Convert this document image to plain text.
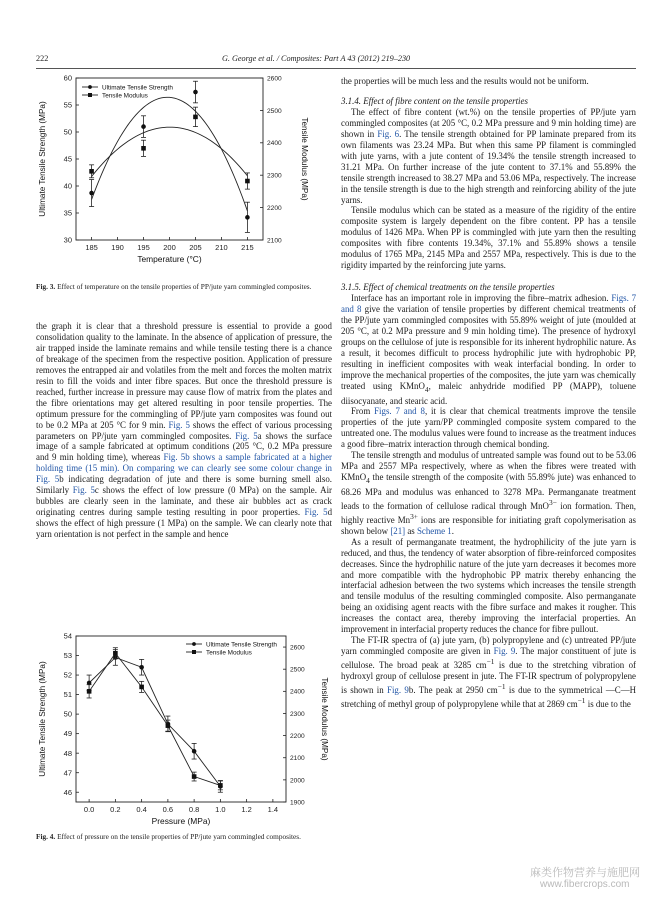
222	G. George et al. / Composites: Part A 43 (2012) 219–230
185 190 195 200 205 210 215
30
35
40
45
50
55
60
2100
2200
2300
2400
2500
2600
Temperature (°C)
Ultimate Tensile Strength (MPa)	Tensile Modulus (MPa)
Ultimate Tensile Strength
Tensile Modulus
Fig. 3. Effect of temperature on the tensile properties of PP/jute yarn commingled composites.
0.0 0.2 0.4 0.6 0.8 1.0 1.2 1.4
46
47
48
49
50
51
52
53
54
1900
2000
2100
2200
2300
2400
2500
2600
Pressure (MPa)
Ultimate Tensile Strength (MPa)	Tensile Modulus (MPa)
Ultimate Tensile Strength
Tensile Modulus
Fig. 4. Effect of pressure on the tensile properties of PP/jute yarn commingled composites.

the graph it is clear that a threshold pressure is essential to provide a good consolidation quality to the laminate. In the absence of application of pressure, the air trapped inside the laminate remains and while tensile testing there is a chance of breakage of the specimen from the respective position. Application of pressure removes the entrapped air and volatiles from the melt and forces the molten matrix resin to fill the voids and inter fibre spaces. But once the threshold pressure is reached, further increase in pressure may cause flow of matrix from the plates and the fibre orientations may get altered resulting in poor tensile properties. The optimum pressure for the commingling of PP/jute yarn composites was found out to be 0.2 MPa at 205 °C for 9 min. Fig. 5 shows the effect of various processing parameters on PP/jute yarn commingled composites. Fig. 5a shows the surface image of a sample fabricated at optimum conditions (205 °C, 0.2 MPa pressure and 9 min holding time), whereas Fig. 5b shows a sample fabricated at a higher holding time (15 min). On comparing we can clearly see some colour change in Fig. 5b indicating degradation of jute and there is some burning smell also. Similarly Fig. 5c shows the effect of low pressure (0 MPa) on the sample. Air bubbles are clearly seen in the laminate, and these air bubbles act as crack originating centres during sample testing resulting in poor properties. Fig. 5d shows the effect of high pressure (1 MPa) on the sample. We can clearly note that yarn orientation is not perfect in the sample and hence

the properties will be much less and the results would not be uniform.

3.1.4. Effect of fibre content on the tensile properties

The effect of fibre content (wt.%) on the tensile properties of PP/jute yarn commingled composites (at 205 °C, 0.2 MPa pressure and 9 min holding time) are shown in Fig. 6. The tensile strength obtained for PP laminate prepared from its own filaments was 23.24 MPa. But when this same PP filament is commingled with jute yarns, with a jute content of 19.34% the tensile strength increased to 31.21 MPa. On further increase of the jute content to 37.1% and 55.89% the tensile strength increased to 38.27 MPa and 53.06 MPa, respectively. The increase in the tensile strength is due to the high strength and reinforcing ability of the jute yarns.

Tensile modulus which can be stated as a measure of the rigidity of the entire composite system is largely dependent on the fibre content. PP has a tensile modulus of 1426 MPa. When PP is commingled with jute yarn then the resulting composites with fibre contents 19.34%, 37.1% and 55.89% shows a tensile modulus of 1765 MPa, 2145 MPa and 2557 MPa, respectively. This is due to the rigidity imparted by the reinforcing jute yarns.

3.1.5. Effect of chemical treatments on the tensile properties

Interface has an important role in improving the fibre–matrix adhesion. Figs. 7 and 8 give the variation of tensile properties by different chemical treatments of the PP/jute yarn commingled composites with 55.89% weight of jute (moulded at 205 °C, at 0.2 MPa pressure and 9 min holding time). The presence of hydroxyl groups on the cellulose of jute is responsible for its inherent hydrophilic nature. As a result, it becomes difficult to process hydrophilic jute with hydrophobic PP, resulting in inefficient composites with weak interfacial bonding. In order to improve the mechanical properties of the composites, the jute yarn was chemically treated using KMnO$_4$, maleic anhydride modified PP (MAPP), toluene diisocyanate, and stearic acid.

From Figs. 7 and 8, it is clear that chemical treatments improve the tensile properties of the jute yarn/PP commingled composite system compared to the untreated one. The modulus values were found to increase as the treatment induces a good fibre–matrix interaction through chemical bonding.

The tensile strength and modulus of untreated sample was found out to be 53.06 MPa and 2557 MPa respectively, where as when the fibres were treated with KMnO$_4$ the tensile strength of the composite (with 55.89% jute) was enhanced to 68.26 MPa and modulus was enhanced to 3278 MPa. Permanganate treatment leads to the formation of cellulose radical through MnO$^{3-}$ ion formation. Then, highly reactive $Mn^{3+}$ ions are responsible for initiating graft copolymerisation as shown below [21] as Scheme 1.

As a result of permanganate treatment, the hydrophilicity of the jute yarn is reduced, and thus, the tendency of water absorption of fibre-reinforced composites decreases. Since the hydrophilic nature of the jute yarn decreases it becomes more and more compatible with the hydrophobic PP matrix thereby enhancing the interfacial adhesion between the two systems which increases the tensile strength and tensile modulus of the resulting commingled composite. Also permanganate being an oxidising agent reacts with the fibre surface and makes it rougher. This increases the contact area, thereby improving the interfacial properties. An improvement in interfacial property reduces the chance for fibre pullout.

The FT-IR spectra of (a) jute yarn, (b) polypropylene and (c) untreated PP/jute yarn commingled composite are given in Fig. 9. The major constituent of jute is cellulose. The broad peak at 3285 $cm^{-1}$ is due to the stretching vibration of hydroxyl group of cellulose present in jute. The FT-IR spectrum of polypropylene is shown in Fig. 9b. The peak at 2950 $cm^{-1}$ is due to the symmetrical —C—H stretching of methyl group of polypropylene while that at 2869 $cm^{-1}$ is due to the

麻类作物营养与施肥网
www.fibercrops.com
